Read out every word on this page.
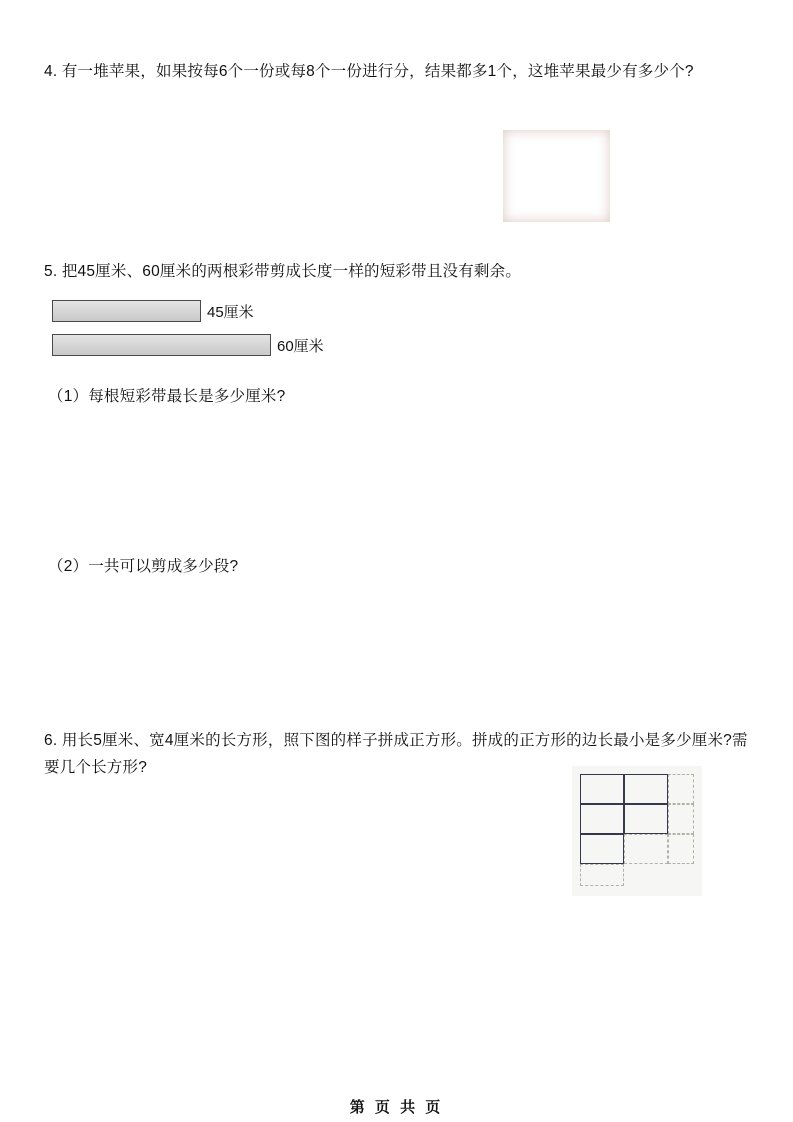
4. 有一堆苹果，如果按每6个一份或每8个一份进行分，结果都多1个，这堆苹果最少有多少个?
5. 把45厘米、60厘米的两根彩带剪成长度一样的短彩带且没有剩余。
45厘米
60厘米
（1）每根短彩带最长是多少厘米?
（2）一共可以剪成多少段?
6. 用长5厘米、宽4厘米的长方形，照下图的样子拼成正方形。拼成的正方形的边长最小是多少厘米?需要几个长方形?
第 页 共 页
